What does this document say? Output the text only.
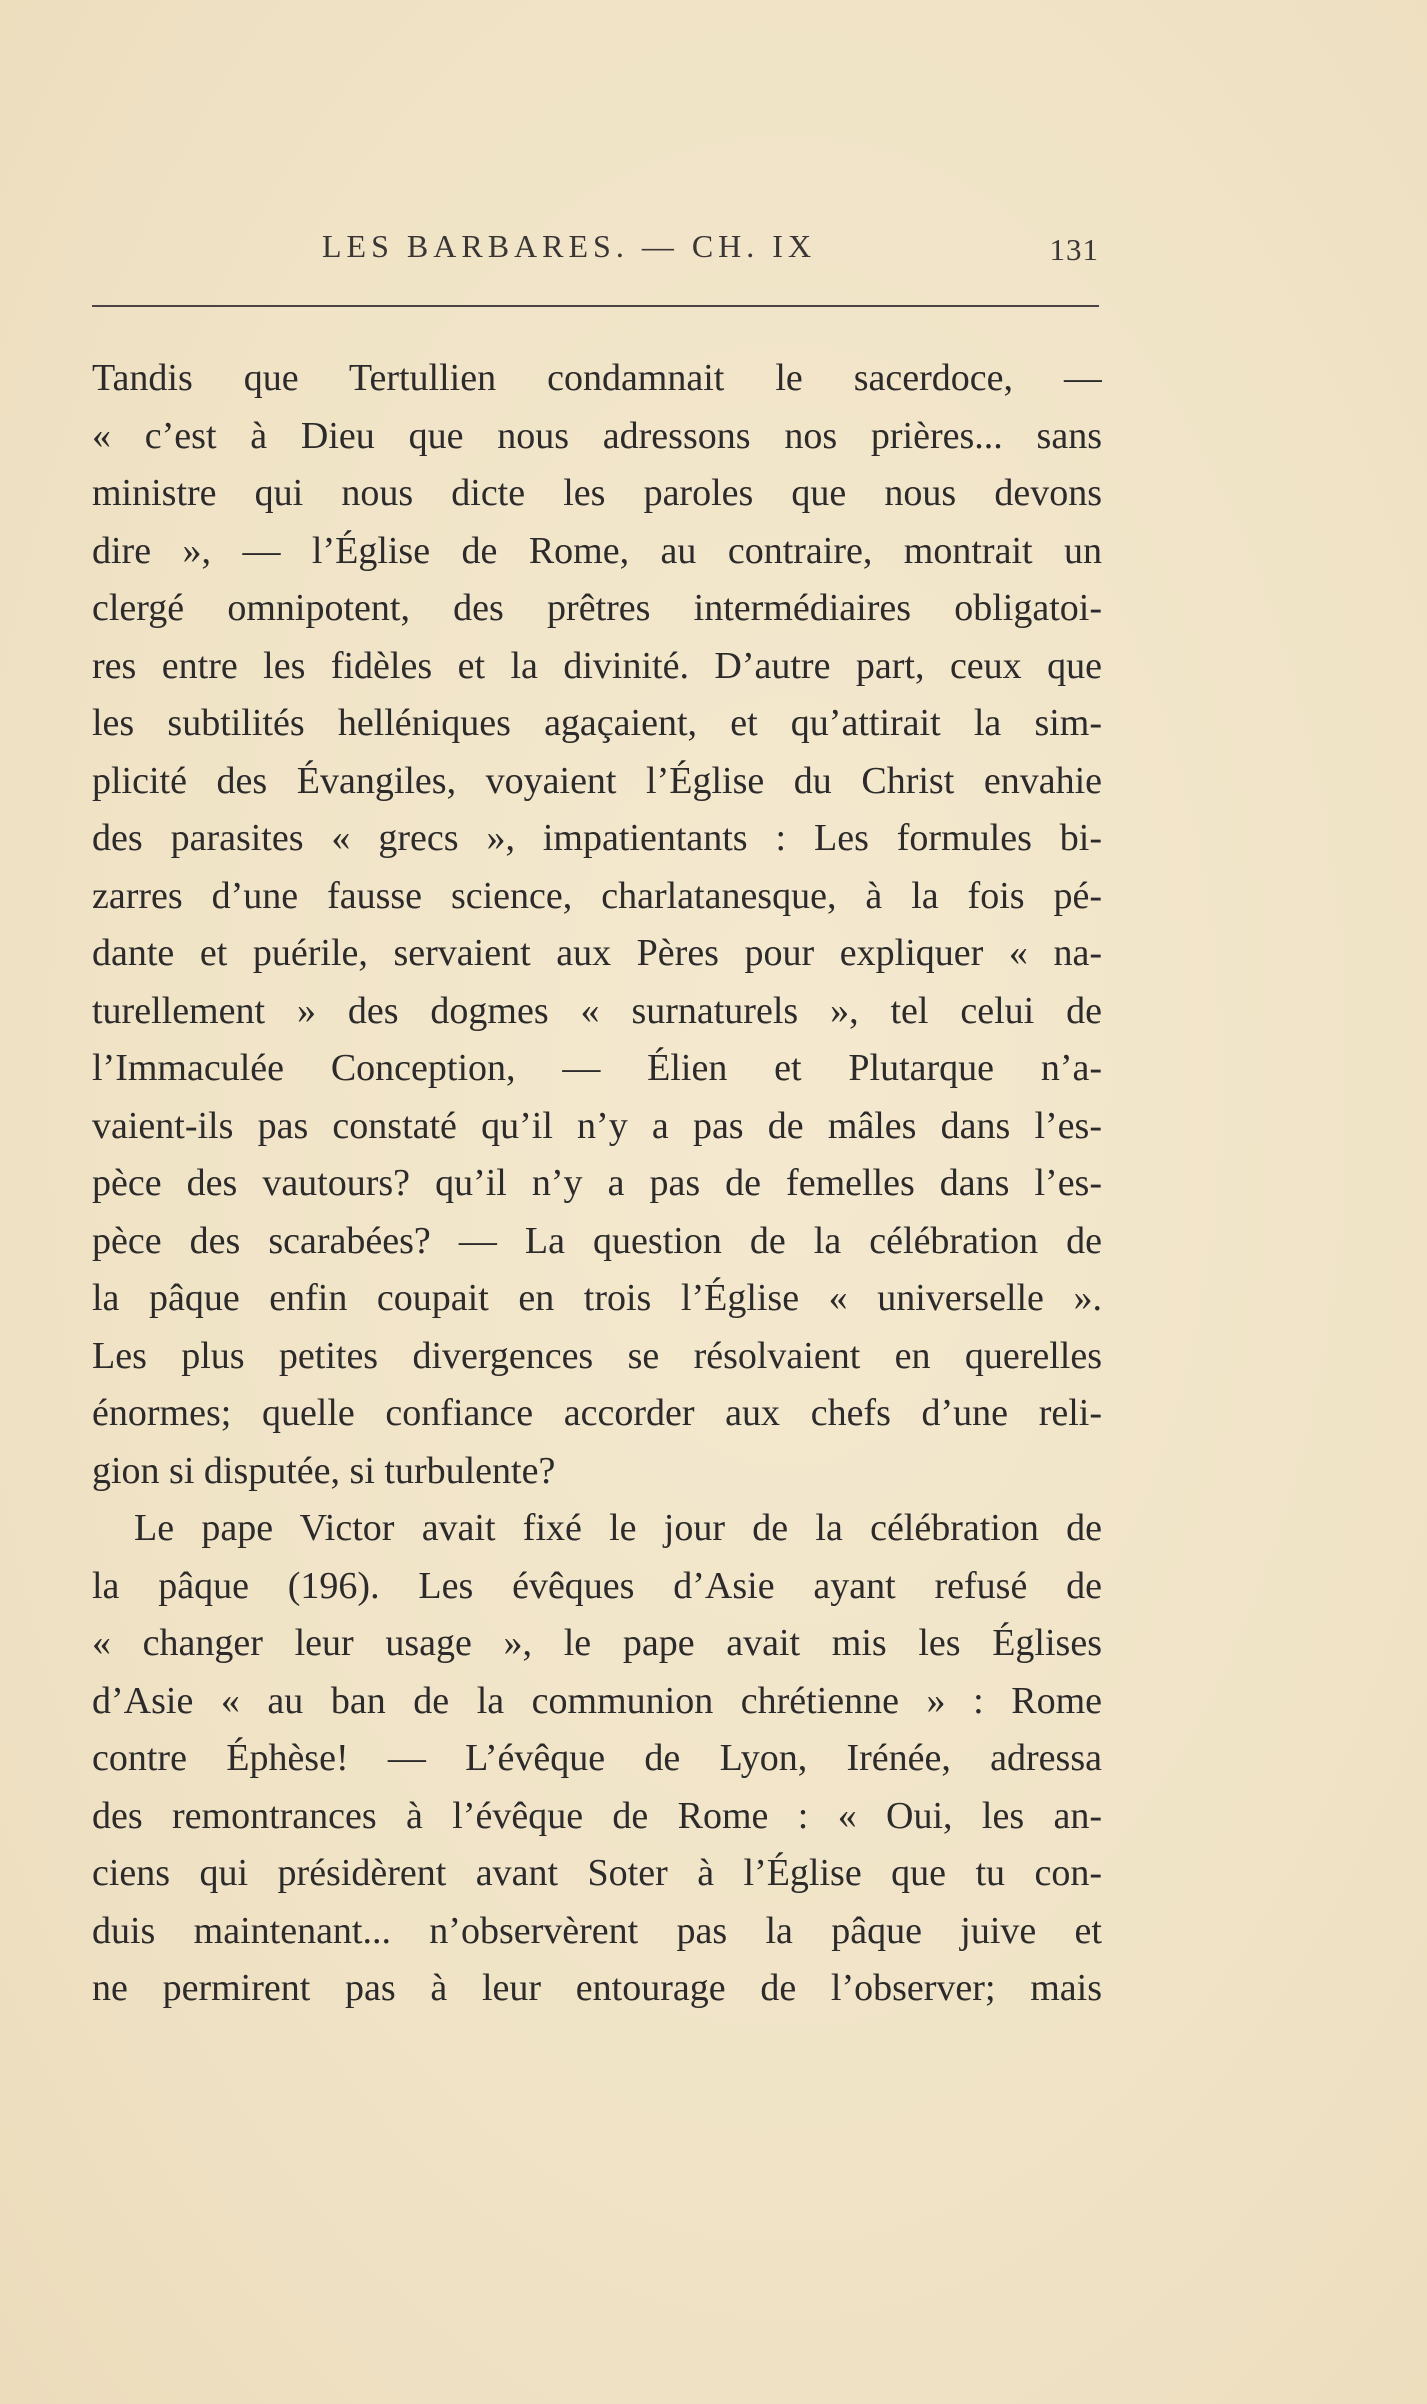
LES BARBARES. — CH. IX	131
Tandis que Tertullien condamnait le sacerdoce, —
« c’est à Dieu que nous adressons nos prières... sans
ministre qui nous dicte les paroles que nous devons
dire », — l’Église de Rome, au contraire, montrait un
clergé omnipotent, des prêtres intermédiaires obligatoi-
res entre les fidèles et la divinité. D’autre part, ceux que
les subtilités helléniques agaçaient, et qu’attirait la sim-
plicité des Évangiles, voyaient l’Église du Christ envahie
des parasites « grecs », impatientants : Les formules bi-
zarres d’une fausse science, charlatanesque, à la fois pé-
dante et puérile, servaient aux Pères pour expliquer « na-
turellement » des dogmes « surnaturels », tel celui de
l’Immaculée Conception, — Élien et Plutarque n’a-
vaient-ils pas constaté qu’il n’y a pas de mâles dans l’es-
pèce des vautours? qu’il n’y a pas de femelles dans l’es-
pèce des scarabées? — La question de la célébration de
la pâque enfin coupait en trois l’Église « universelle ».
Les plus petites divergences se résolvaient en querelles
énormes; quelle confiance accorder aux chefs d’une reli-
gion si disputée, si turbulente?
Le pape Victor avait fixé le jour de la célébration de
la pâque (196). Les évêques d’Asie ayant refusé de
« changer leur usage », le pape avait mis les Églises
d’Asie « au ban de la communion chrétienne » : Rome
contre Éphèse! — L’évêque de Lyon, Irénée, adressa
des remontrances à l’évêque de Rome : « Oui, les an-
ciens qui présidèrent avant Soter à l’Église que tu con-
duis maintenant... n’observèrent pas la pâque juive et
ne permirent pas à leur entourage de l’observer; mais
